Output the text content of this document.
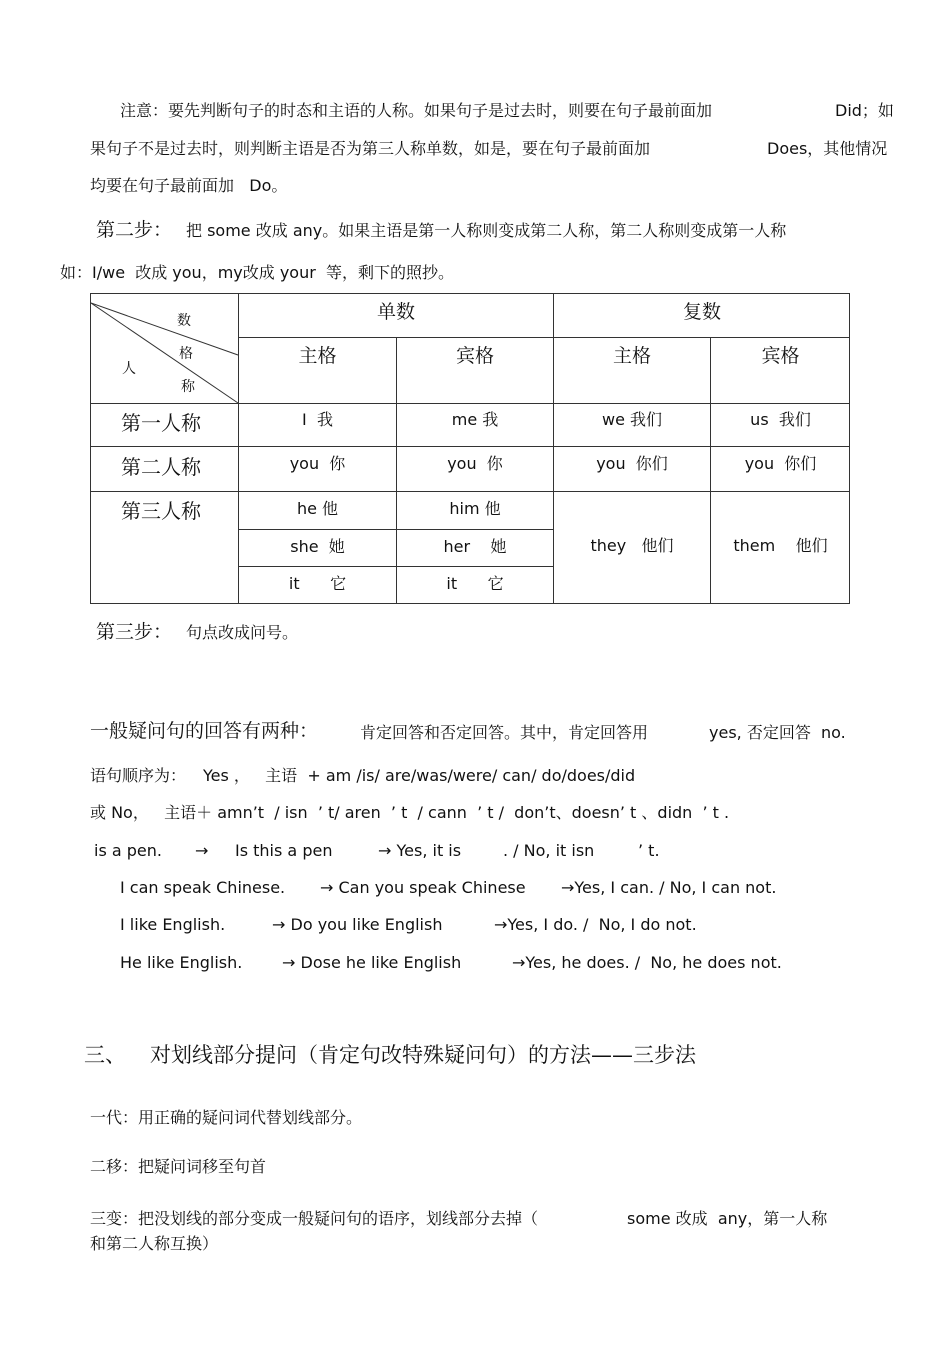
注意：要先判断句子的时态和主语的人称。如果句子是过去时，则要在句子最前面加	Did；如
果句子不是过去时，则判断主语是否为第三人称单数，如是，要在句子最前面加	Does，其他情况
均要在句子最前面加   Do。
第二步： 把 some 改成 any。如果主语是第一人称则变成第二人称，第二人称则变成第一人称
如：I/we  改成 you，my改成 your  等，剩下的照抄。
数
格
人
称
单数	复数
主格	宾格	主格	宾格
第一人称	I  我	me 我	we 我们	us  我们
第二人称	you  你	you  你	you  你们	you  你们
第三人称	he 他	him 他
she  她	her    她
it      它	it      它
they   他们	them    他们
第三步： 句点改成问号。
一般疑问句的回答有两种：	肯定回答和否定回答。其中，肯定回答用	yes, 否定回答  no.
语句顺序为： Yes ，   主语  + am /is/ are/was/were/ can/ do/does/did
或 No，   主语＋ amn’t  / isn  ’ t/ aren  ’ t  / cann  ’ t /  don’t、doesn’ t 、didn  ’ t .
is a pen. → Is this a pen	→ Yes, it is	. / No, it isn	’ t.
I can speak Chinese. → Can you speak Chinese →Yes, I can. / No, I can not.
I like English.	→ Do you like English	→Yes, I do. /  No, I do not.
He like English. → Dose he like English	→Yes, he does. /  No, he does not.
三、 对划线部分提问（肯定句改特殊疑问句）的方法——三步法
一代：用正确的疑问词代替划线部分。
二移：把疑问词移至句首
三变：把没划线的部分变成一般疑问句的语序，划线部分去掉（	some 改成  any，第一人称
和第二人称互换）
